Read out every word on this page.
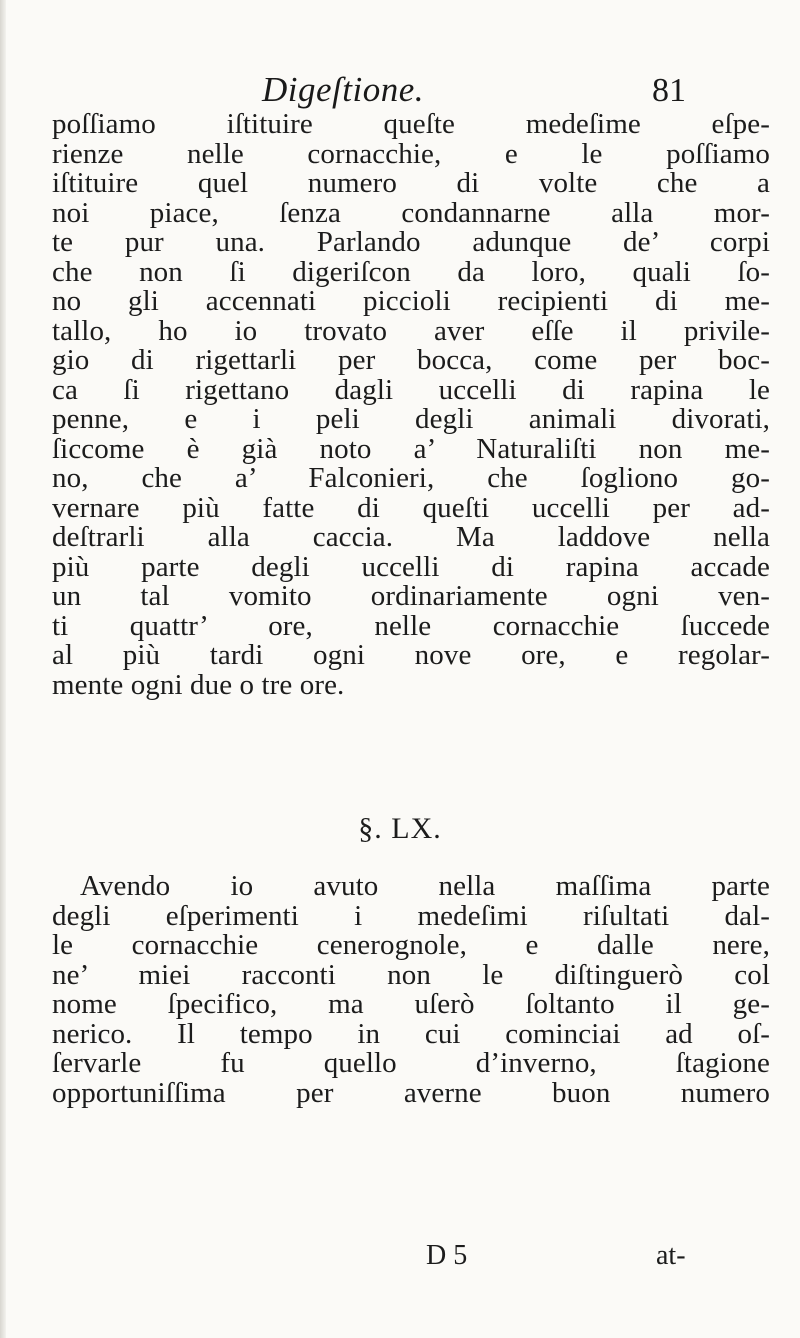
Digeſtione.	81
poſſiamo iſtituire queſte medeſime eſpe-
rienze nelle cornacchie, e le poſſiamo
iſtituire quel numero di volte che a
noi piace, ſenza condannarne alla mor-
te pur una. Parlando adunque de’ corpi
che non ſi digeriſcon da loro, quali ſo-
no gli accennati piccioli recipienti di me-
tallo, ho io trovato aver eſſe il privile-
gio di rigettarli per bocca, come per boc-
ca ſi rigettano dagli uccelli di rapina le
penne, e i peli degli animali divorati,
ſiccome è già noto a’ Naturaliſti non me-
no, che a’ Falconieri, che ſogliono go-
vernare più fatte di queſti uccelli per ad-
deſtrarli alla caccia. Ma laddove nella
più parte degli uccelli di rapina accade
un tal vomito ordinariamente ogni ven-
ti quattr’ ore, nelle cornacchie ſuccede
al più tardi ogni nove ore, e regolar-
mente ogni due o tre ore.
§. LX.
Avendo io avuto nella maſſima parte
degli eſperimenti i medeſimi riſultati dal-
le cornacchie cenerognole, e dalle nere,
ne’ miei racconti non le diſtinguerò col
nome ſpecifico, ma uſerò ſoltanto il ge-
nerico. Il tempo in cui cominciai ad oſ-
ſervarle fu quello d’inverno, ſtagione
opportuniſſima per averne buon numero
D 5	at-
